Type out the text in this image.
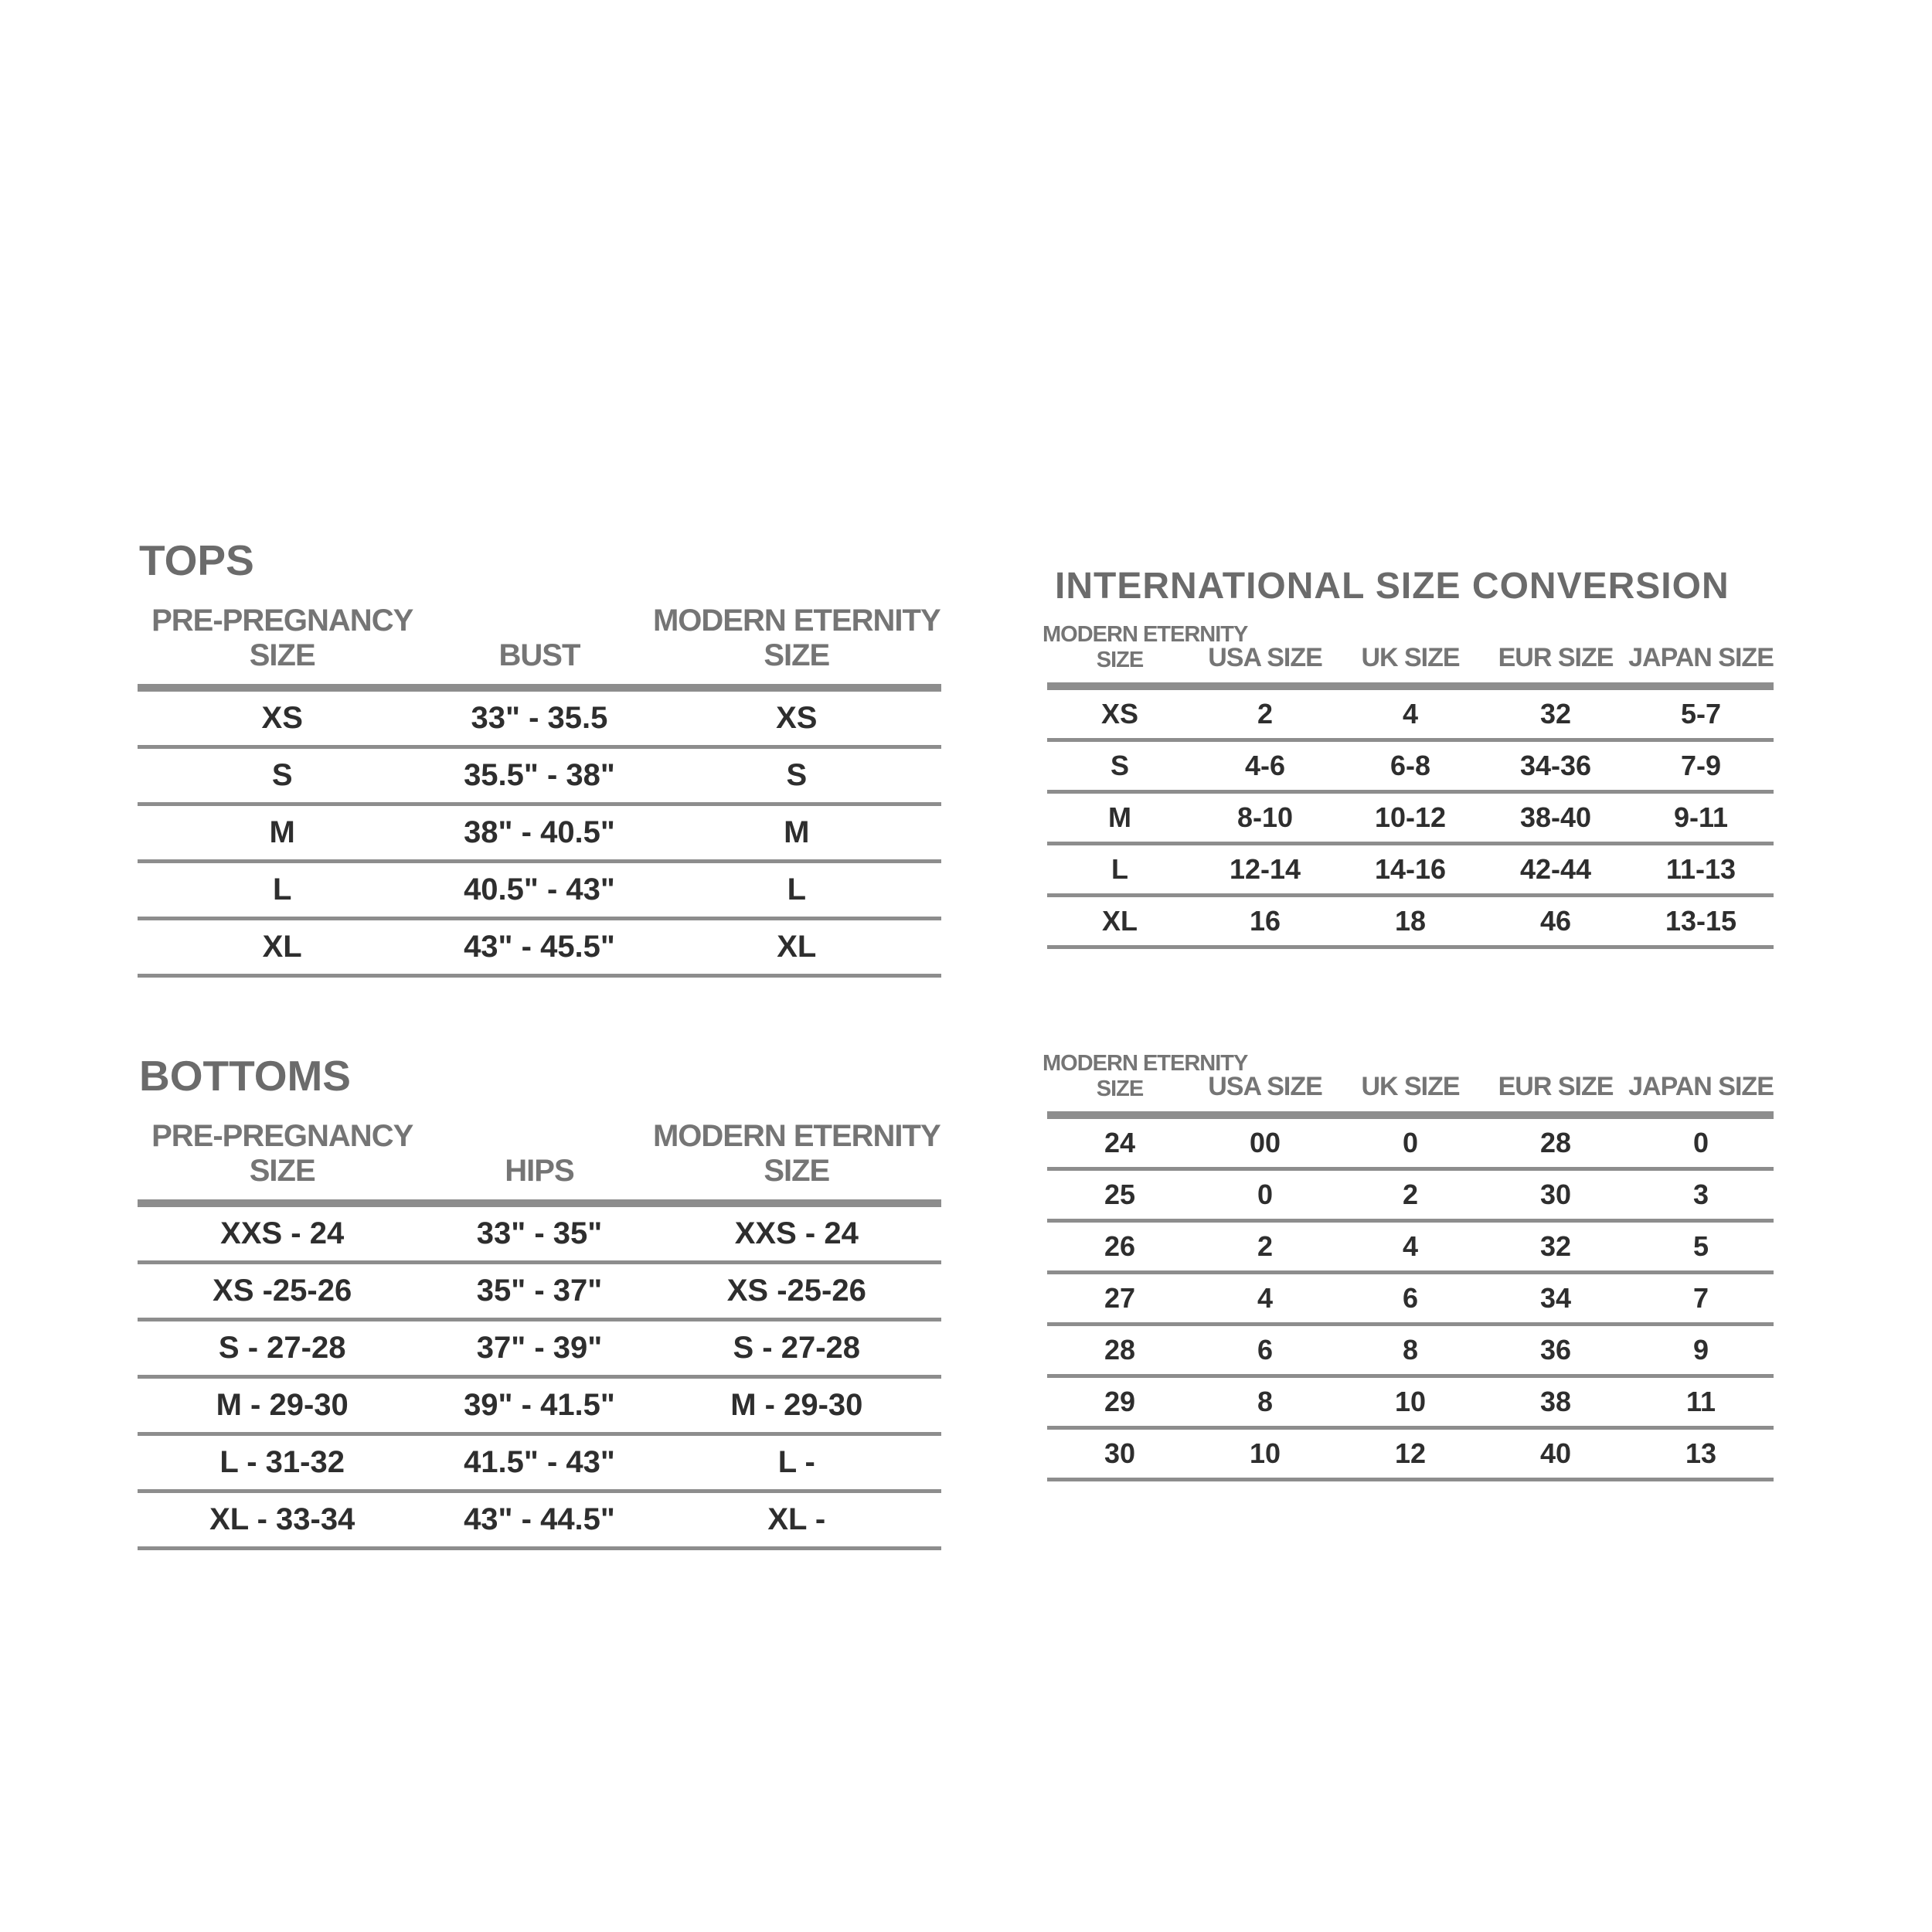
TOPS
PRE-PREGNANCY SIZE	BUST	MODERN ETERNITY SIZE
XS	33" - 35.5	XS
S	35.5" - 38"	S
M	38" - 40.5"	M
L	40.5" - 43"	L
XL	43" - 45.5"	XL
BOTTOMS
PRE-PREGNANCY SIZE	HIPS	MODERN ETERNITY SIZE
XXS - 24	33" - 35"	XXS - 24
XS -25-26	35" - 37"	XS -25-26
S - 27-28	37" - 39"	S - 27-28
M - 29-30	39" - 41.5"	M - 29-30
L - 31-32	41.5" - 43"	L -
XL - 33-34	43" - 44.5"	XL -
INTERNATIONAL SIZE CONVERSION
MODERN ETERNITY
SIZE	USA SIZE	UK SIZE	EUR SIZE	JAPAN SIZE
XS	2	4	32	5-7
S	4-6	6-8	34-36	7-9
M	8-10	10-12	38-40	9-11
L	12-14	14-16	42-44	11-13
XL	16	18	46	13-15
MODERN ETERNITY
SIZE	USA SIZE	UK SIZE	EUR SIZE	JAPAN SIZE
24	00	0	28	0
25	0	2	30	3
26	2	4	32	5
27	4	6	34	7
28	6	8	36	9
29	8	10	38	11
30	10	12	40	13
